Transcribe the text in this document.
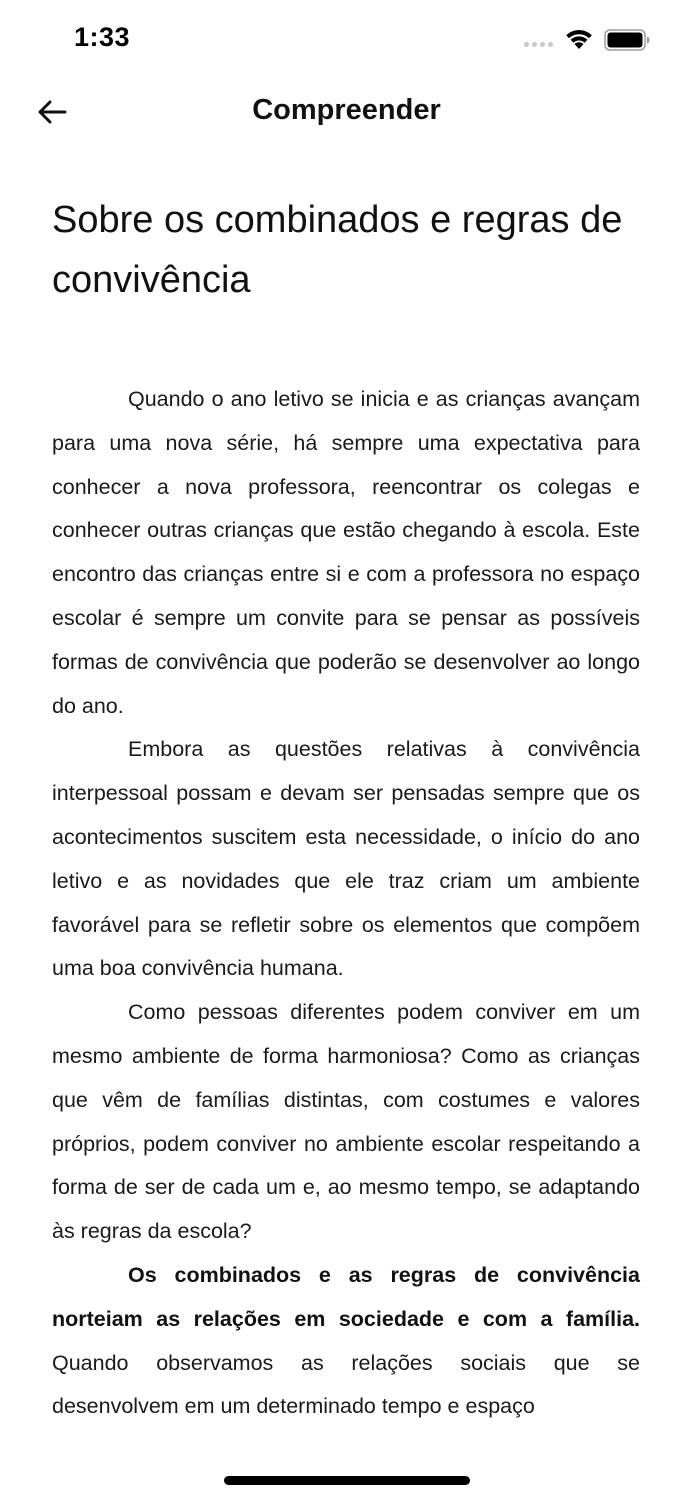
1:33
Compreender
Sobre os combinados e regras de convivência

Quando o ano letivo se inicia e as crianças avançam para uma nova série, há sempre uma expectativa para conhecer a nova professora, reencontrar os colegas e conhecer outras crianças que estão chegando à escola. Este encontro das crianças entre si e com a professora no espaço escolar é sempre um convite para se pensar as possíveis formas de convivência que poderão se desenvolver ao longo do ano.

Embora as questões relativas à convivência interpessoal possam e devam ser pensadas sempre que os acontecimentos suscitem esta necessidade, o início do ano letivo e as novidades que ele traz criam um ambiente favorável para se refletir sobre os elementos que compõem uma boa convivência humana.

Como pessoas diferentes podem conviver em um mesmo ambiente de forma harmoniosa? Como as crianças que vêm de famílias distintas, com costumes e valores próprios, podem conviver no ambiente escolar respeitando a forma de ser de cada um e, ao mesmo tempo, se adaptando às regras da escola?

Os combinados e as regras de convivência norteiam as relações em sociedade e com a família. Quando observamos as relações sociais que se desenvolvem em um determinado tempo e espaço
